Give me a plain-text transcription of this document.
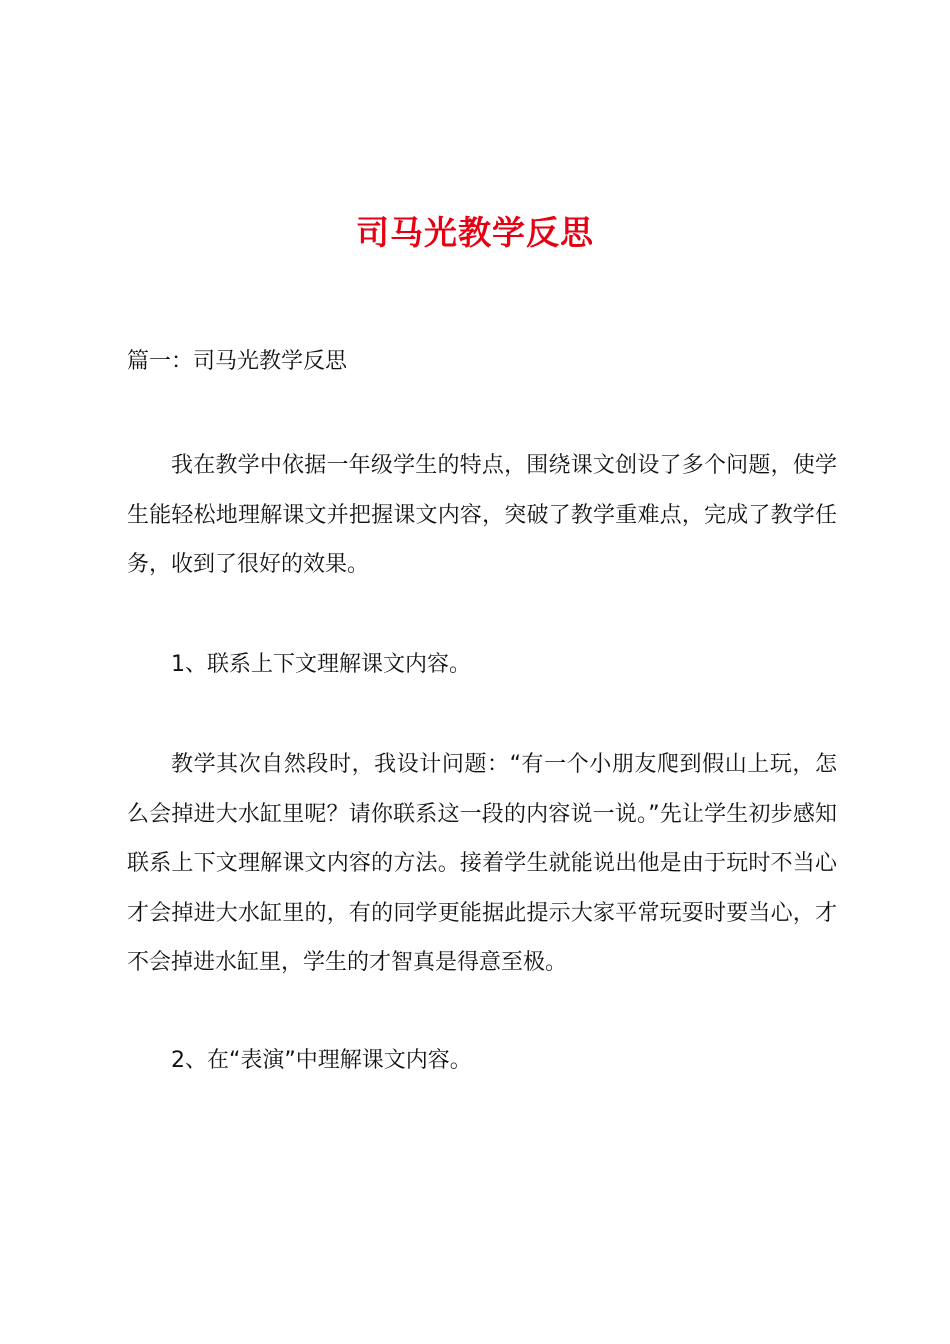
司马光教学反思

篇一：司马光教学反思

我在教学中依据一年级学生的特点，围绕课文创设了多个问题，使学生能轻松地理解课文并把握课文内容，突破了教学重难点，完成了教学任务，收到了很好的效果。

1、联系上下文理解课文内容。

教学其次自然段时，我设计问题：“有一个小朋友爬到假山上玩，怎么会掉进大水缸里呢？请你联系这一段的内容说一说。”先让学生初步感知联系上下文理解课文内容的方法。接着学生就能说出他是由于玩时不当心才会掉进大水缸里的，有的同学更能据此提示大家平常玩耍时要当心，才不会掉进水缸里，学生的才智真是得意至极。

2、在“表演”中理解课文内容。
